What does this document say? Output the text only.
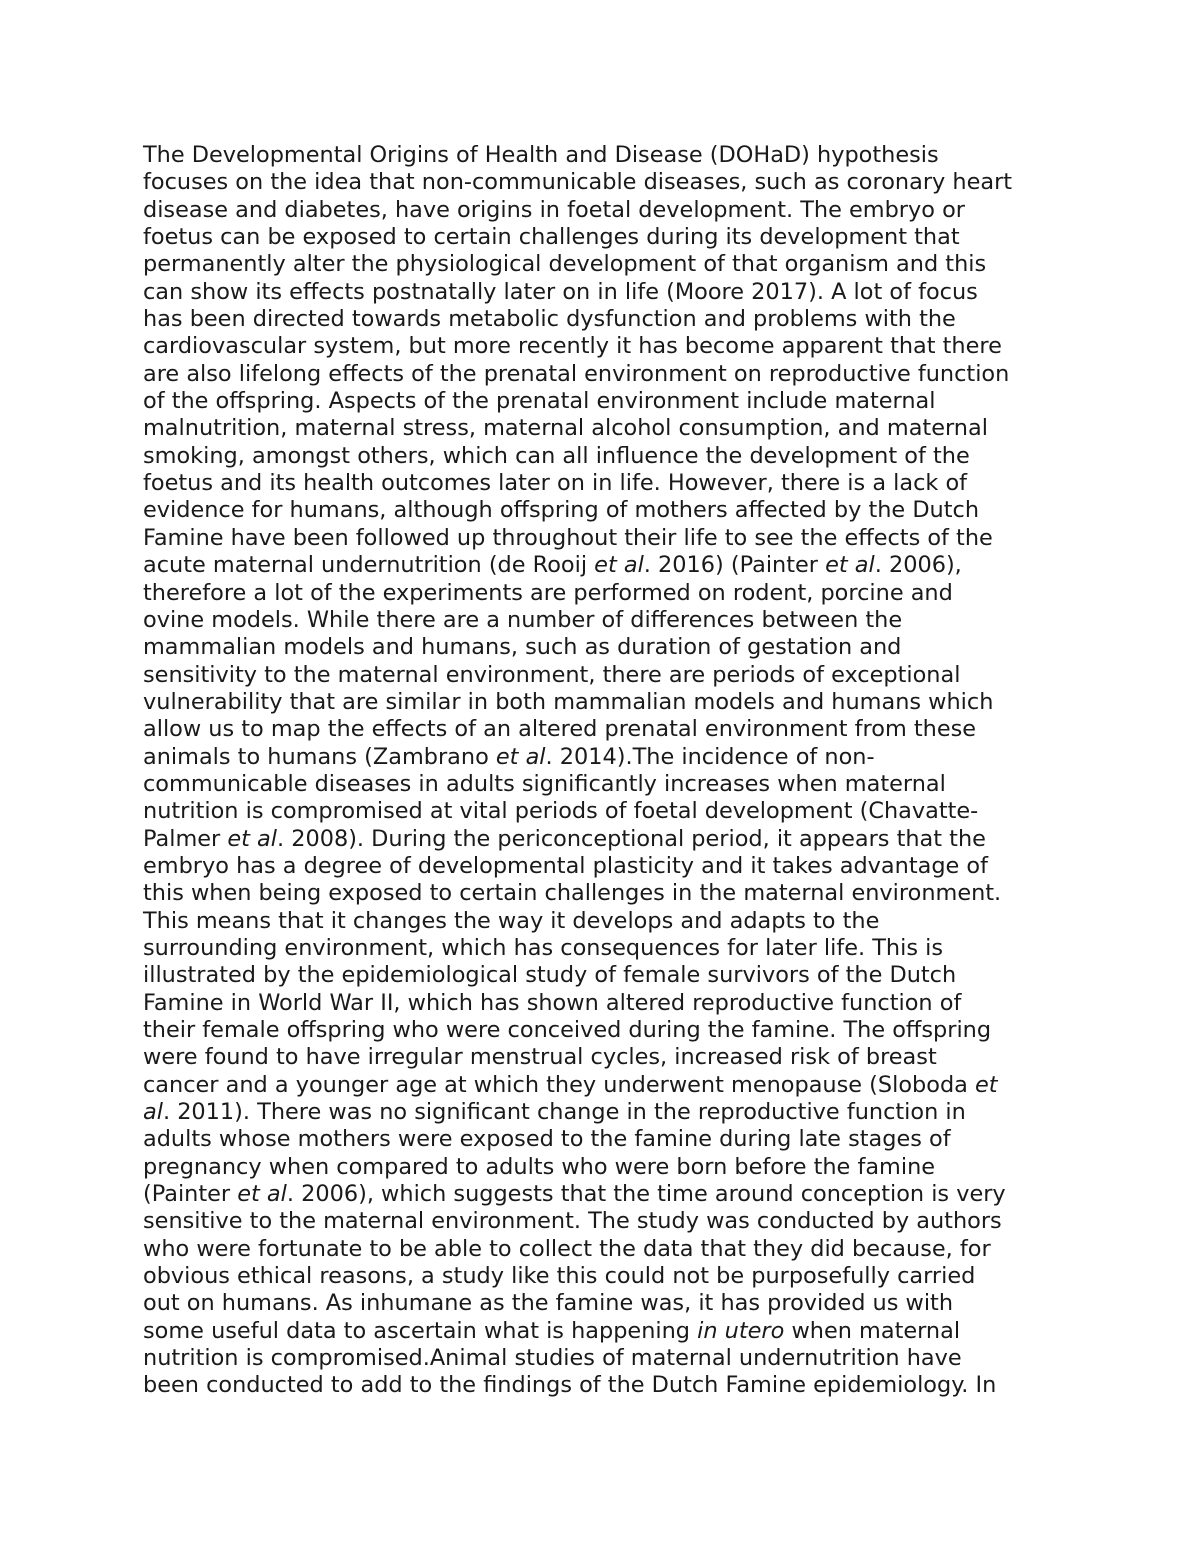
The Developmental Origins of Health and Disease (DOHaD) hypothesis
focuses on the idea that non-communicable diseases, such as coronary heart
disease and diabetes, have origins in foetal development. The embryo or
foetus can be exposed to certain challenges during its development that
permanently alter the physiological development of that organism and this
can show its effects postnatally later on in life (Moore 2017). A lot of focus
has been directed towards metabolic dysfunction and problems with the
cardiovascular system, but more recently it has become apparent that there
are also lifelong effects of the prenatal environment on reproductive function
of the offspring. Aspects of the prenatal environment include maternal
malnutrition, maternal stress, maternal alcohol consumption, and maternal
smoking, amongst others, which can all influence the development of the
foetus and its health outcomes later on in life. However, there is a lack of
evidence for humans, although offspring of mothers affected by the Dutch
Famine have been followed up throughout their life to see the effects of the
acute maternal undernutrition (de Rooij et al. 2016) (Painter et al. 2006),
therefore a lot of the experiments are performed on rodent, porcine and
ovine models. While there are a number of differences between the
mammalian models and humans, such as duration of gestation and
sensitivity to the maternal environment, there are periods of exceptional
vulnerability that are similar in both mammalian models and humans which
allow us to map the effects of an altered prenatal environment from these
animals to humans (Zambrano et al. 2014).The incidence of non-
communicable diseases in adults significantly increases when maternal
nutrition is compromised at vital periods of foetal development (Chavatte-
Palmer et al. 2008). During the periconceptional period, it appears that the
embryo has a degree of developmental plasticity and it takes advantage of
this when being exposed to certain challenges in the maternal environment.
This means that it changes the way it develops and adapts to the
surrounding environment, which has consequences for later life. This is
illustrated by the epidemiological study of female survivors of the Dutch
Famine in World War II, which has shown altered reproductive function of
their female offspring who were conceived during the famine. The offspring
were found to have irregular menstrual cycles, increased risk of breast
cancer and a younger age at which they underwent menopause (Sloboda et
al. 2011). There was no significant change in the reproductive function in
adults whose mothers were exposed to the famine during late stages of
pregnancy when compared to adults who were born before the famine
(Painter et al. 2006), which suggests that the time around conception is very
sensitive to the maternal environment. The study was conducted by authors
who were fortunate to be able to collect the data that they did because, for
obvious ethical reasons, a study like this could not be purposefully carried
out on humans. As inhumane as the famine was, it has provided us with
some useful data to ascertain what is happening in utero when maternal
nutrition is compromised.Animal studies of maternal undernutrition have
been conducted to add to the findings of the Dutch Famine epidemiology. In
